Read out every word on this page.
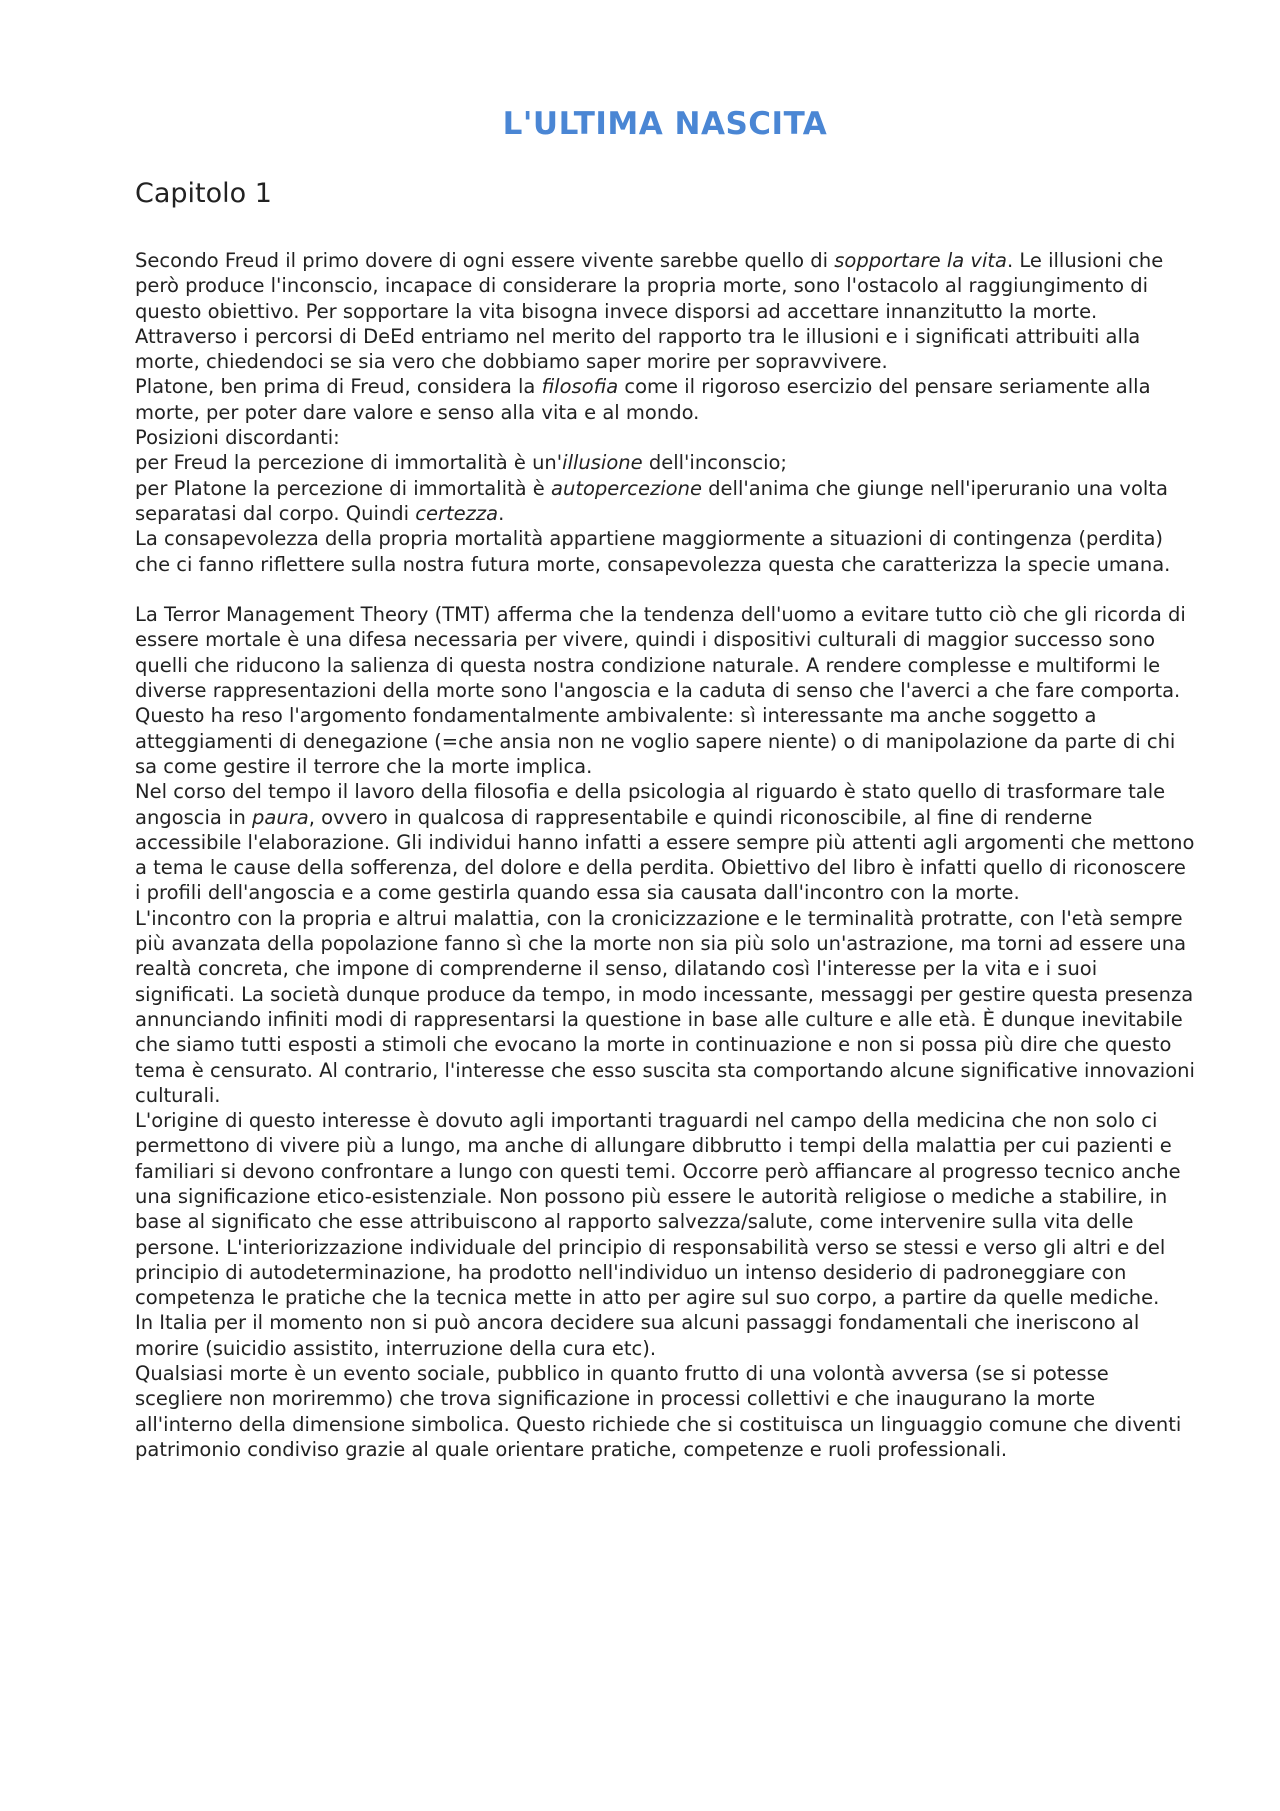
L'ULTIMA NASCITA
Capitolo 1

Secondo Freud il primo dovere di ogni essere vivente sarebbe quello di sopportare la vita. Le illusioni che però produce l'inconscio, incapace di considerare la propria morte, sono l'ostacolo al raggiungimento di questo obiettivo. Per sopportare la vita bisogna invece disporsi ad accettare innanzitutto la morte.

Attraverso i percorsi di DeEd entriamo nel merito del rapporto tra le illusioni e i significati attribuiti alla morte, chiedendoci se sia vero che dobbiamo saper morire per sopravvivere.

Platone, ben prima di Freud, considera la filosofia come il rigoroso esercizio del pensare seriamente alla morte, per poter dare valore e senso alla vita e al mondo.

Posizioni discordanti:

per Freud la percezione di immortalità è un'illusione dell'inconscio;

per Platone la percezione di immortalità è autopercezione dell'anima che giunge nell'iperuranio una volta separatasi dal corpo. Quindi certezza.

La consapevolezza della propria mortalità appartiene maggiormente a situazioni di contingenza (perdita) che ci fanno riflettere sulla nostra futura morte, consapevolezza questa che caratterizza la specie umana.

La Terror Management Theory (TMT) afferma che la tendenza dell'uomo a evitare tutto ciò che gli ricorda di essere mortale è una difesa necessaria per vivere, quindi i dispositivi culturali di maggior successo sono quelli che riducono la salienza di questa nostra condizione naturale. A rendere complesse e multiformi le diverse rappresentazioni della morte sono l'angoscia e la caduta di senso che l'averci a che fare comporta. Questo ha reso l'argomento fondamentalmente ambivalente: sì interessante ma anche soggetto a atteggiamenti di denegazione (=che ansia non ne voglio sapere niente) o di manipolazione da parte di chi sa come gestire il terrore che la morte implica.

Nel corso del tempo il lavoro della filosofia e della psicologia al riguardo è stato quello di trasformare tale angoscia in paura, ovvero in qualcosa di rappresentabile e quindi riconoscibile, al fine di renderne accessibile l'elaborazione. Gli individui hanno infatti a essere sempre più attenti agli argomenti che mettono a tema le cause della sofferenza, del dolore e della perdita. Obiettivo del libro è infatti quello di riconoscere i profili dell'angoscia e a come gestirla quando essa sia causata dall'incontro con la morte.

L'incontro con la propria e altrui malattia, con la cronicizzazione e le terminalità protratte, con l'età sempre più avanzata della popolazione fanno sì che la morte non sia più solo un'astrazione, ma torni ad essere una realtà concreta, che impone di comprenderne il senso, dilatando così l'interesse per la vita e i suoi significati. La società dunque produce da tempo, in modo incessante, messaggi per gestire questa presenza annunciando infiniti modi di rappresentarsi la questione in base alle culture e alle età. È dunque inevitabile che siamo tutti esposti a stimoli che evocano la morte in continuazione e non si possa più dire che questo tema è censurato. Al contrario, l'interesse che esso suscita sta comportando alcune significative innovazioni culturali.

L'origine di questo interesse è dovuto agli importanti traguardi nel campo della medicina che non solo ci permettono di vivere più a lungo, ma anche di allungare dibbrutto i tempi della malattia per cui pazienti e familiari si devono confrontare a lungo con questi temi. Occorre però affiancare al progresso tecnico anche una significazione etico-esistenziale. Non possono più essere le autorità religiose o mediche a stabilire, in base al significato che esse attribuiscono al rapporto salvezza/salute, come intervenire sulla vita delle persone. L'interiorizzazione individuale del principio di responsabilità verso se stessi e verso gli altri e del principio di autodeterminazione, ha prodotto nell'individuo un intenso desiderio di padroneggiare con competenza le pratiche che la tecnica mette in atto per agire sul suo corpo, a partire da quelle mediche.

In Italia per il momento non si può ancora decidere sua alcuni passaggi fondamentali che ineriscono al morire (suicidio assistito, interruzione della cura etc).

Qualsiasi morte è un evento sociale, pubblico in quanto frutto di una volontà avversa (se si potesse scegliere non moriremmo) che trova significazione in processi collettivi e che inaugurano la morte all'interno della dimensione simbolica. Questo richiede che si costituisca un linguaggio comune che diventi patrimonio condiviso grazie al quale orientare pratiche, competenze e ruoli professionali.
